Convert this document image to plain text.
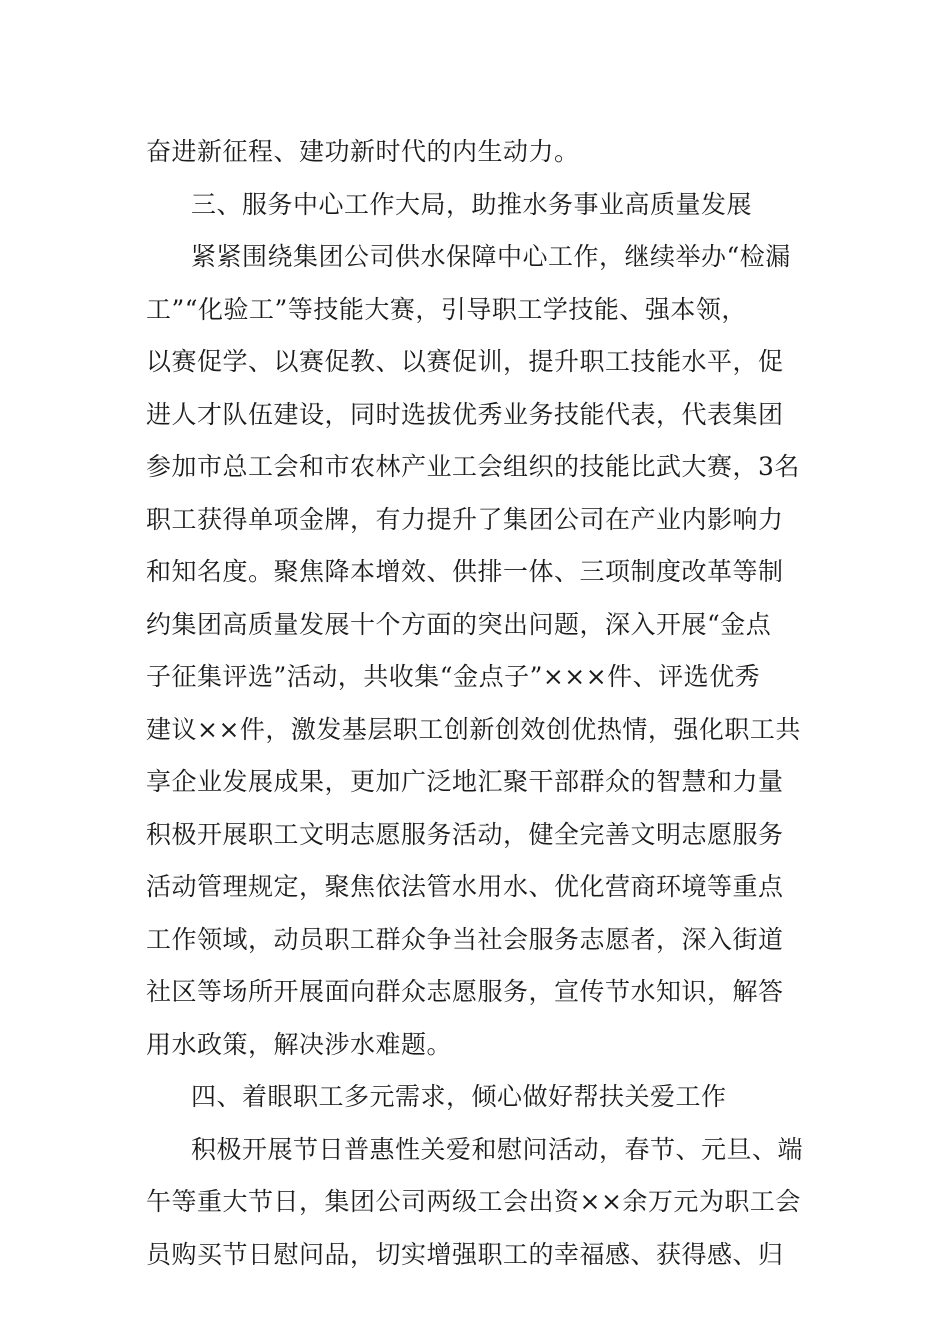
奋进新征程、建功新时代的内生动力。
三、服务中心工作大局，助推水务事业高质量发展
紧紧围绕集团公司供水保障中心工作，继续举办“检漏
工”“化验工”等技能大赛，引导职工学技能、强本领，
以赛促学、以赛促教、以赛促训，提升职工技能水平，促
进人才队伍建设，同时选拔优秀业务技能代表，代表集团
参加市总工会和市农林产业工会组织的技能比武大赛，3名
职工获得单项金牌，有力提升了集团公司在产业内影响力
和知名度。聚焦降本增效、供排一体、三项制度改革等制
约集团高质量发展十个方面的突出问题，深入开展“金点
子征集评选”活动，共收集“金点子”×××件、评选优秀
建议××件，激发基层职工创新创效创优热情，强化职工共
享企业发展成果，更加广泛地汇聚干部群众的智慧和力量
积极开展职工文明志愿服务活动，健全完善文明志愿服务
活动管理规定，聚焦依法管水用水、优化营商环境等重点
工作领域，动员职工群众争当社会服务志愿者，深入街道
社区等场所开展面向群众志愿服务，宣传节水知识，解答
用水政策，解决涉水难题。
四、着眼职工多元需求，倾心做好帮扶关爱工作
积极开展节日普惠性关爱和慰问活动，春节、元旦、端
午等重大节日，集团公司两级工会出资××余万元为职工会
员购买节日慰问品，切实增强职工的幸福感、获得感、归
